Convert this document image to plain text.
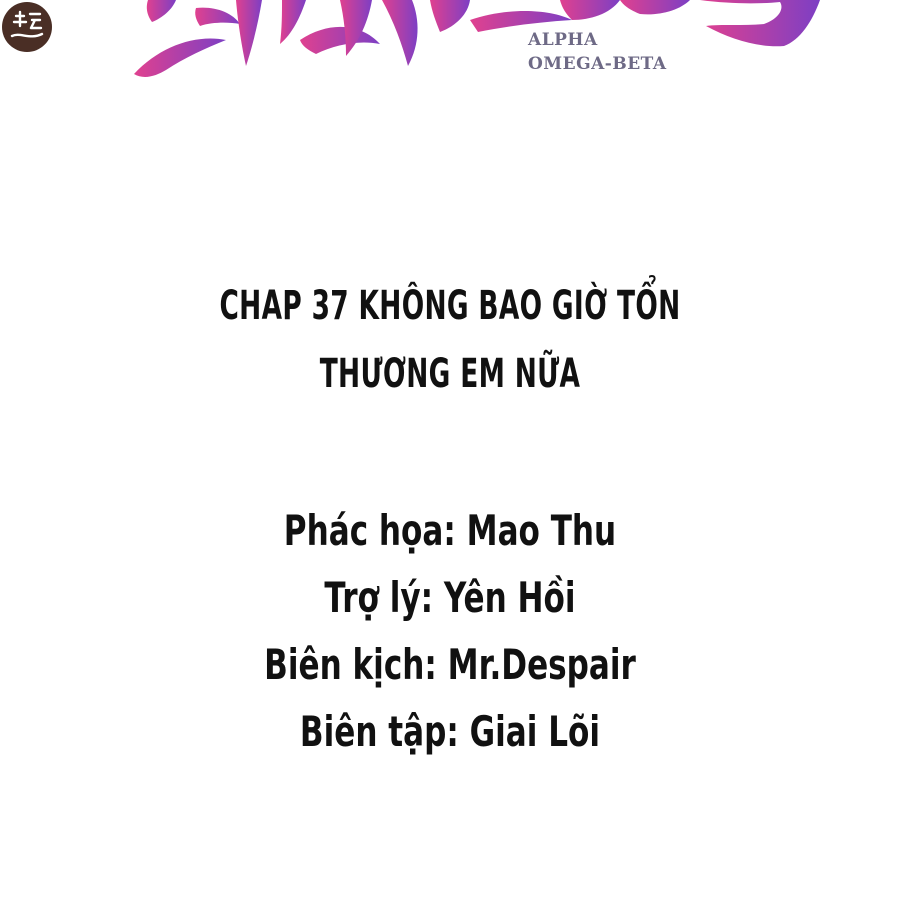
ALPHA
OMEGA-BETA
CHAP 37 KHÔNG BAO GIỜ TỔN
THƯƠNG EM NỮA
Phác họa: Mao Thu
Trợ lý: Yên Hồi
Biên kịch: Mr.Despair
Biên tập: Giai Lõi
